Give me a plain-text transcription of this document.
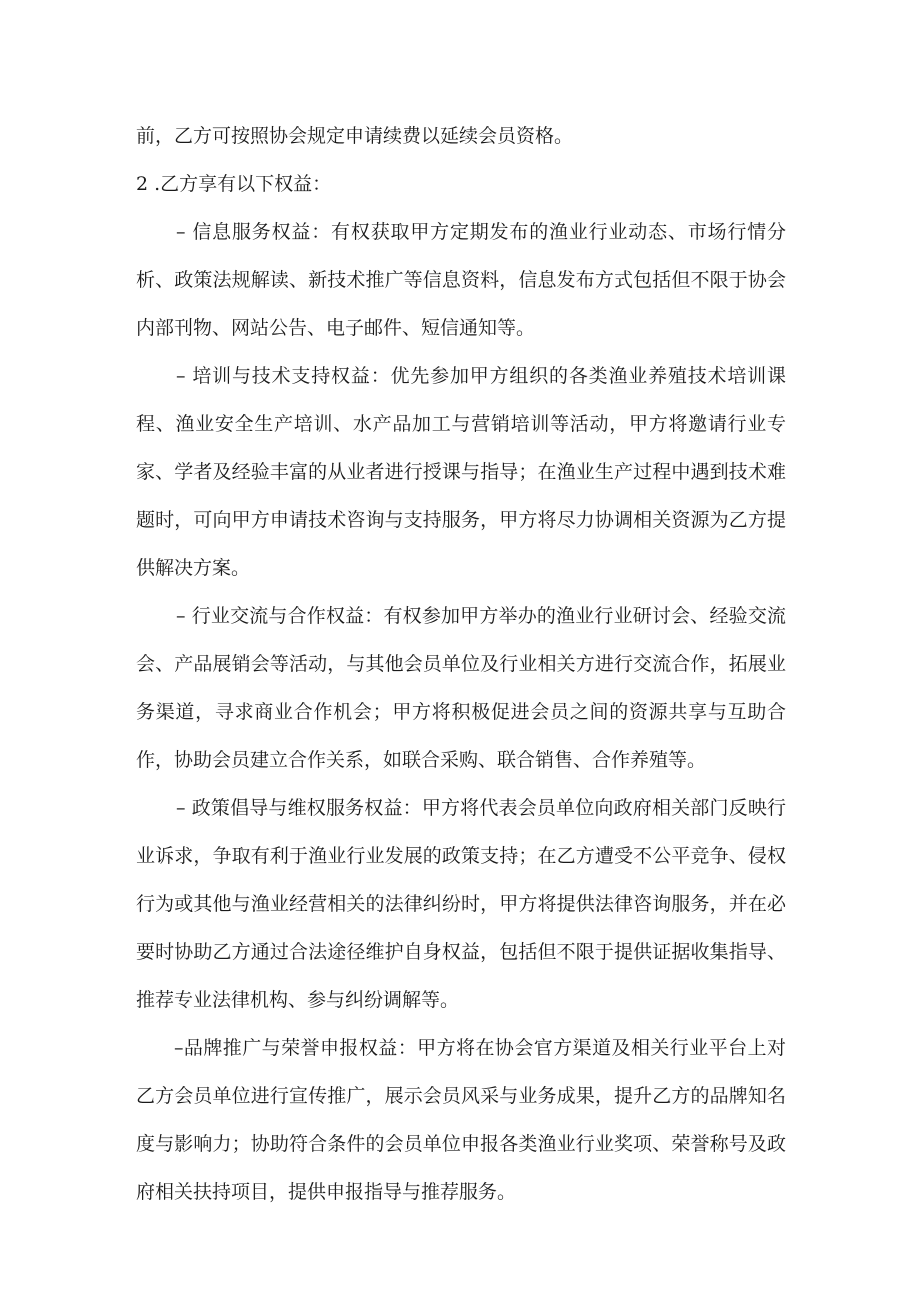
前，乙方可按照协会规定申请续费以延续会员资格。

2 .乙方享有以下权益：

– 信息服务权益：有权获取甲方定期发布的渔业行业动态、市场行情分析、政策法规解读、新技术推广等信息资料，信息发布方式包括但不限于协会内部刊物、网站公告、电子邮件、短信通知等。

– 培训与技术支持权益：优先参加甲方组织的各类渔业养殖技术培训课程、渔业安全生产培训、水产品加工与营销培训等活动，甲方将邀请行业专家、学者及经验丰富的从业者进行授课与指导；在渔业生产过程中遇到技术难题时，可向甲方申请技术咨询与支持服务，甲方将尽力协调相关资源为乙方提供解决方案。

– 行业交流与合作权益：有权参加甲方举办的渔业行业研讨会、经验交流会、产品展销会等活动，与其他会员单位及行业相关方进行交流合作，拓展业务渠道，寻求商业合作机会；甲方将积极促进会员之间的资源共享与互助合作，协助会员建立合作关系，如联合采购、联合销售、合作养殖等。

– 政策倡导与维权服务权益：甲方将代表会员单位向政府相关部门反映行业诉求，争取有利于渔业行业发展的政策支持；在乙方遭受不公平竞争、侵权行为或其他与渔业经营相关的法律纠纷时，甲方将提供法律咨询服务，并在必要时协助乙方通过合法途径维护自身权益，包括但不限于提供证据收集指导、推荐专业法律机构、参与纠纷调解等。

–品牌推广与荣誉申报权益：甲方将在协会官方渠道及相关行业平台上对乙方会员单位进行宣传推广，展示会员风采与业务成果，提升乙方的品牌知名度与影响力；协助符合条件的会员单位申报各类渔业行业奖项、荣誉称号及政府相关扶持项目，提供申报指导与推荐服务。
